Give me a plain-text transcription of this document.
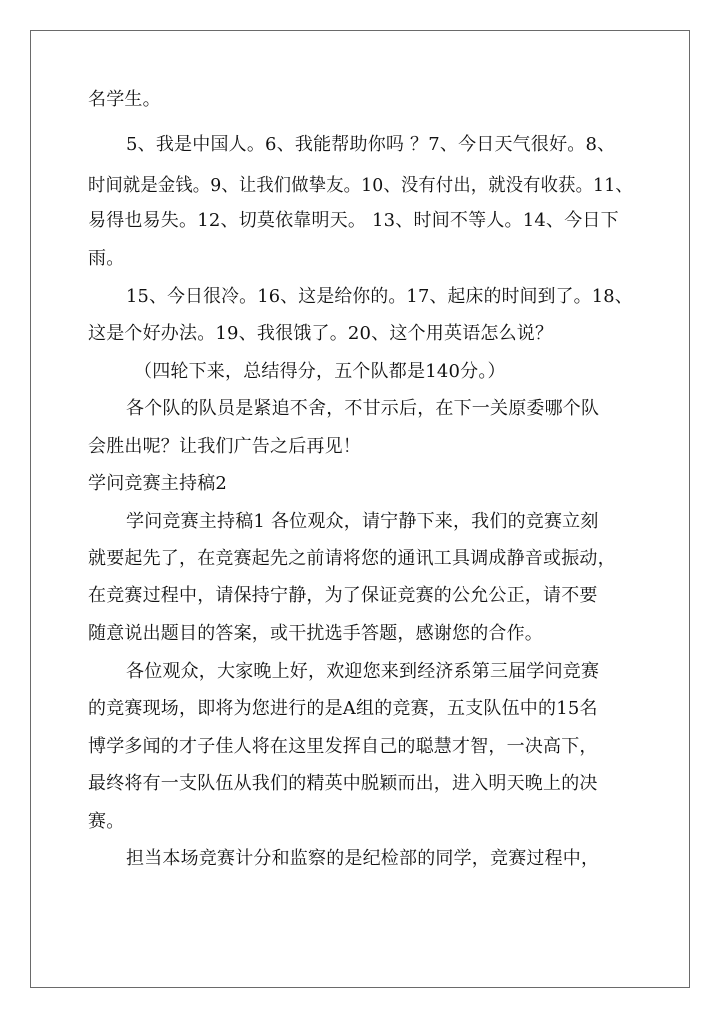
名学生。
5、我是中国人。6、我能帮助你吗 ？7、今日天气很好。8、
时间就是金钱。9、让我们做挚友。10、没有付出，就没有收获。11、
易得也易失。12、切莫依靠明天。 13、时间不等人。14、今日下
雨。
15、今日很冷。16、这是给你的。17、起床的时间到了。18、
这是个好办法。19、我很饿了。20、这个用英语怎么说？
（四轮下来，总结得分，五个队都是140分。）
各个队的队员是紧追不舍，不甘示后，在下一关原委哪个队
会胜出呢？让我们广告之后再见！
学问竞赛主持稿2
学问竞赛主持稿1 各位观众，请宁静下来，我们的竞赛立刻
就要起先了，在竞赛起先之前请将您的通讯工具调成静音或振动，
在竞赛过程中，请保持宁静，为了保证竞赛的公允公正，请不要
随意说出题目的答案，或干扰选手答题，感谢您的合作。
各位观众，大家晚上好，欢迎您来到经济系第三届学问竞赛
的竞赛现场，即将为您进行的是A组的竞赛，五支队伍中的15名
博学多闻的才子佳人将在这里发挥自己的聪慧才智，一决高下，
最终将有一支队伍从我们的精英中脱颖而出，进入明天晚上的决
赛。
担当本场竞赛计分和监察的是纪检部的同学，竞赛过程中，
